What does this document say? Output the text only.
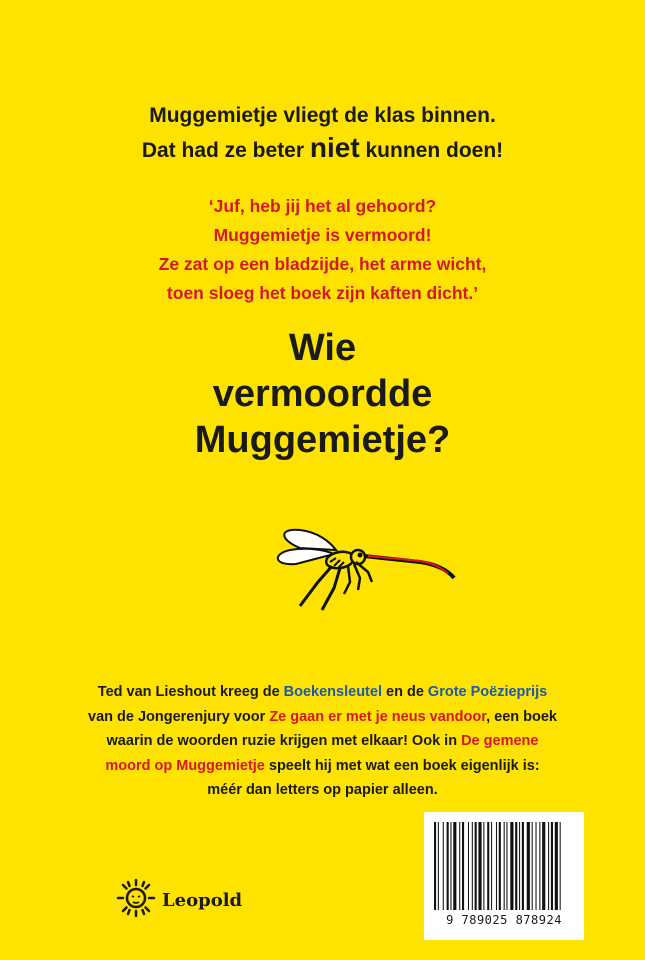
Muggemietje vliegt de klas binnen.
Dat had ze beter niet kunnen doen!
‘Juf, heb jij het al gehoord?
Muggemietje is vermoord!
Ze zat op een bladzijde, het arme wicht,
toen sloeg het boek zijn kaften dicht.’
Wie
vermoordde
Muggemietje?
Ted van Lieshout kreeg de Boekensleutel en de Grote Poëzieprijs
van de Jongerenjury voor Ze gaan er met je neus vandoor, een boek
waarin de woorden ruzie krijgen met elkaar! Ook in De gemene
moord op Muggemietje speelt hij met wat een boek eigenlijk is:
méér dan letters op papier alleen.
Leopold
9 789025 878924
